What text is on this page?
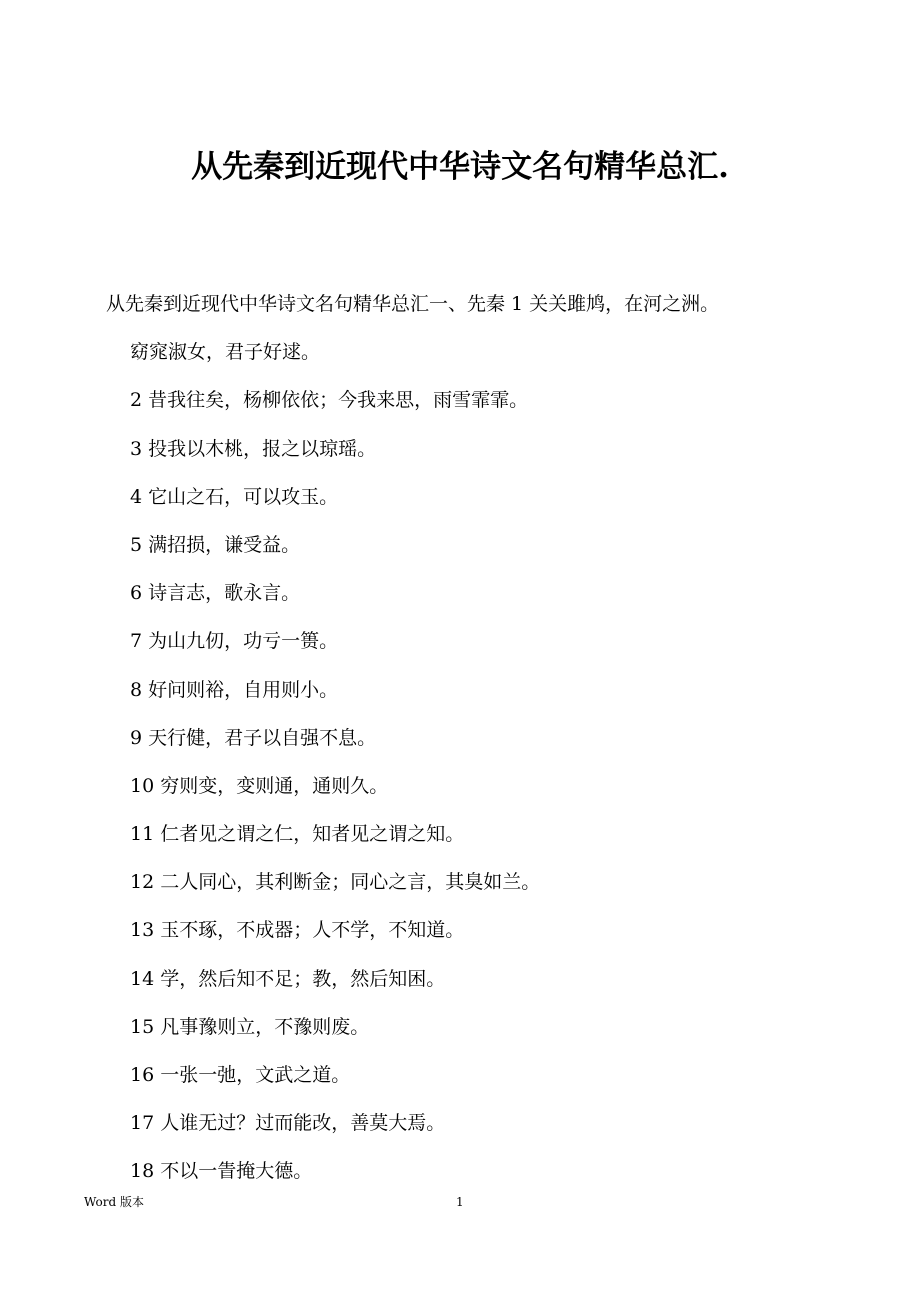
从先秦到近现代中华诗文名句精华总汇.

从先秦到近现代中华诗文名句精华总汇一、先秦 1 关关雎鸠，在河之洲。

窈窕淑女，君子好逑。

2 昔我往矣，杨柳依依；今我来思，雨雪霏霏。

3 投我以木桃，报之以琼瑶。

4 它山之石，可以攻玉。

5 满招损，谦受益。

6 诗言志，歌永言。

7 为山九仞，功亏一篑。

8 好问则裕，自用则小。

9 天行健，君子以自强不息。

10 穷则变，变则通，通则久。

11 仁者见之谓之仁，知者见之谓之知。

12 二人同心，其利断金；同心之言，其臭如兰。

13 玉不琢，不成器；人不学，不知道。

14 学，然后知不足；教，然后知困。

15 凡事豫则立，不豫则废。

16 一张一弛，文武之道。

17 人谁无过？过而能改，善莫大焉。

18 不以一眚掩大德。

Word 版本	1
